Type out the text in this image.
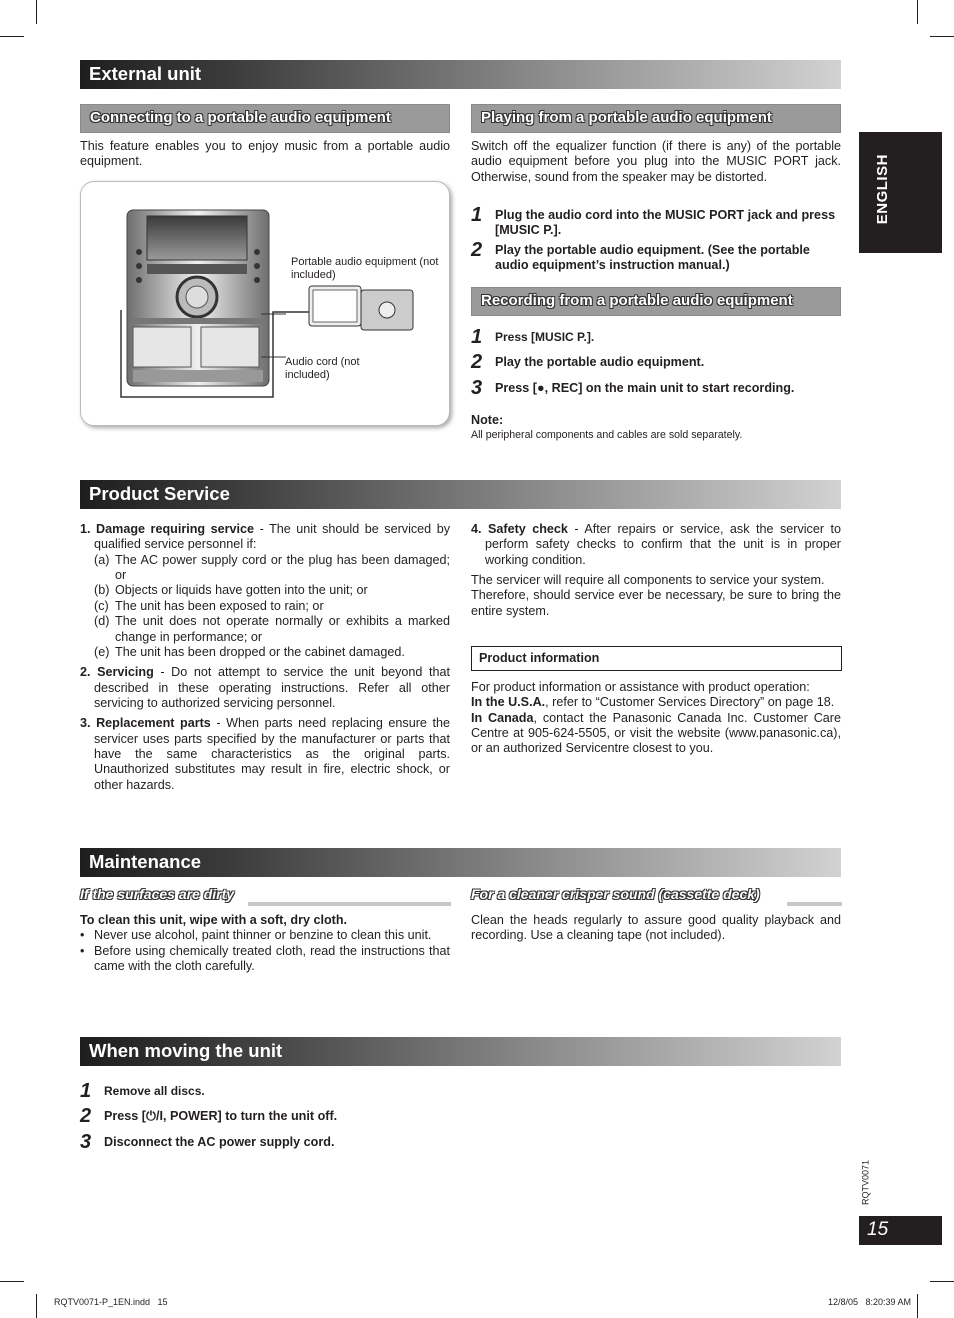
ENGLISH
External unit
Connecting to a portable audio equipment
This feature enables you to enjoy music from a portable audio equipment.
Portable audio equipment (not included)
Audio cord (not included)
Playing from a portable audio equipment
Switch off the equalizer function (if there is any) of the portable audio equipment before you plug into the MUSIC PORT jack. Otherwise, sound from the speaker may be distorted.
1 Plug the audio cord into the MUSIC PORT jack and press [MUSIC P.].
2 Play the portable audio equipment. (See the portable audio equipment’s instruction manual.)
Recording from a portable audio equipment
1 Press [MUSIC P.].
2 Play the portable audio equipment.
3 Press [●, REC] on the main unit to start recording.
Note:
All peripheral components and cables are sold separately.
Product Service
1. Damage requiring service - The unit should be serviced by qualified service personnel if:
(a) The AC power supply cord or the plug has been damaged; or
(b) Objects or liquids have gotten into the unit; or
(c) The unit has been exposed to rain; or
(d) The unit does not operate normally or exhibits a marked change in performance; or
(e) The unit has been dropped or the cabinet damaged.
2. Servicing - Do not attempt to service the unit beyond that described in these operating instructions. Refer all other servicing to authorized servicing personnel.
3. Replacement parts - When parts need replacing ensure the servicer uses parts specified by the manufacturer or parts that have the same characteristics as the original parts. Unauthorized substitutes may result in fire, electric shock, or other hazards.
4. Safety check - After repairs or service, ask the servicer to perform safety checks to confirm that the unit is in proper working condition.
The servicer will require all components to service your system.
Therefore, should service ever be necessary, be sure to bring the entire system.
Product information
For product information or assistance with product operation:
In the U.S.A., refer to “Customer Services Directory” on page 18.
In Canada, contact the Panasonic Canada Inc. Customer Care Centre at 905-624-5505, or visit the website (www.panasonic.ca), or an authorized Servicentre closest to you.
Maintenance
If the surfaces are dirty
To clean this unit, wipe with a soft, dry cloth.
• Never use alcohol, paint thinner or benzine to clean this unit.
• Before using chemically treated cloth, read the instructions that came with the cloth carefully.
For a cleaner crisper sound (cassette deck)
Clean the heads regularly to assure good quality playback and recording. Use a cleaning tape (not included).
When moving the unit
1 Remove all discs.
2 Press [⏻/I, POWER] to turn the unit off.
3 Disconnect the AC power supply cord.
RQTV0071
15
RQTV0071-P_1EN.indd   15	12/8/05   8:20:39 AM
